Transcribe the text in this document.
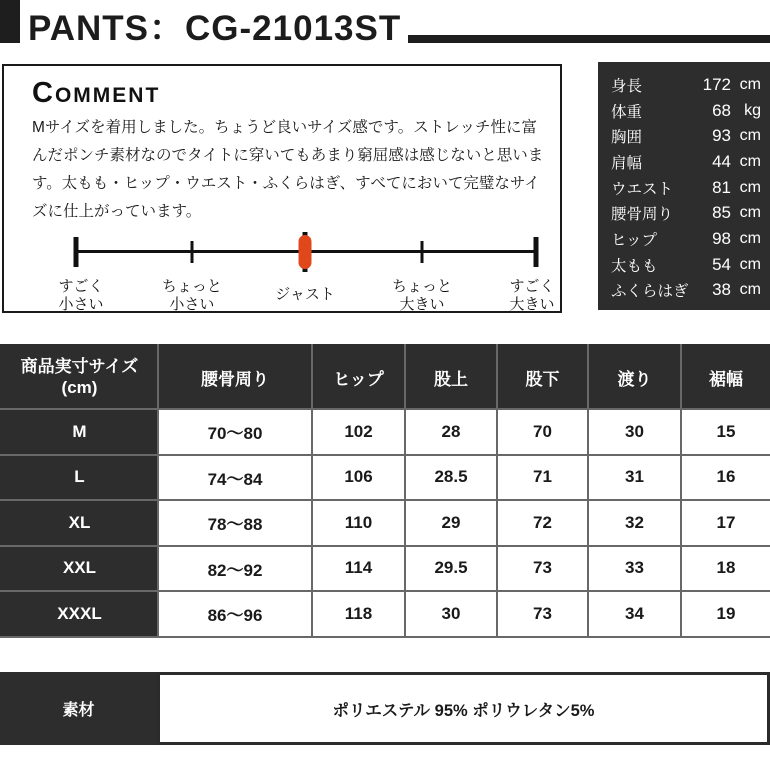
PANTS：CG-21013ST
COMMENT

Mサイズを着用しました。ちょうど良いサイズ感です。ストレッチ性に富んだポンチ素材なのでタイトに穿いてもあまり窮屈感は感じないと思います。太もも・ヒップ・ウエスト・ふくらはぎ、すべてにおいて完璧なサイズに仕上がっています。

すごく
小さい
ちょっと
小さい
ジャスト	ちょっと
大きい
すごく
大きい
身長	172 cm
体重	68 kg
胸囲	93 cm
肩幅	44 cm
ウエスト	81 cm
腰骨周り	85 cm
ヒップ	98 cm
太もも	54 cm
ふくらはぎ	38 cm
商品実寸サイズ
(cm)	腰骨周り	ヒップ	股上	股下	渡り	裾幅
M	70～80	102	28	70	30	15
L	74～84	106	28.5	71	31	16
XL	78～88	110	29	72	32	17
XXL	82～92	114	29.5	73	33	18
XXXL	86～96	118	30	73	34	19
素材	ポリエステル 95% ポリウレタン5%
